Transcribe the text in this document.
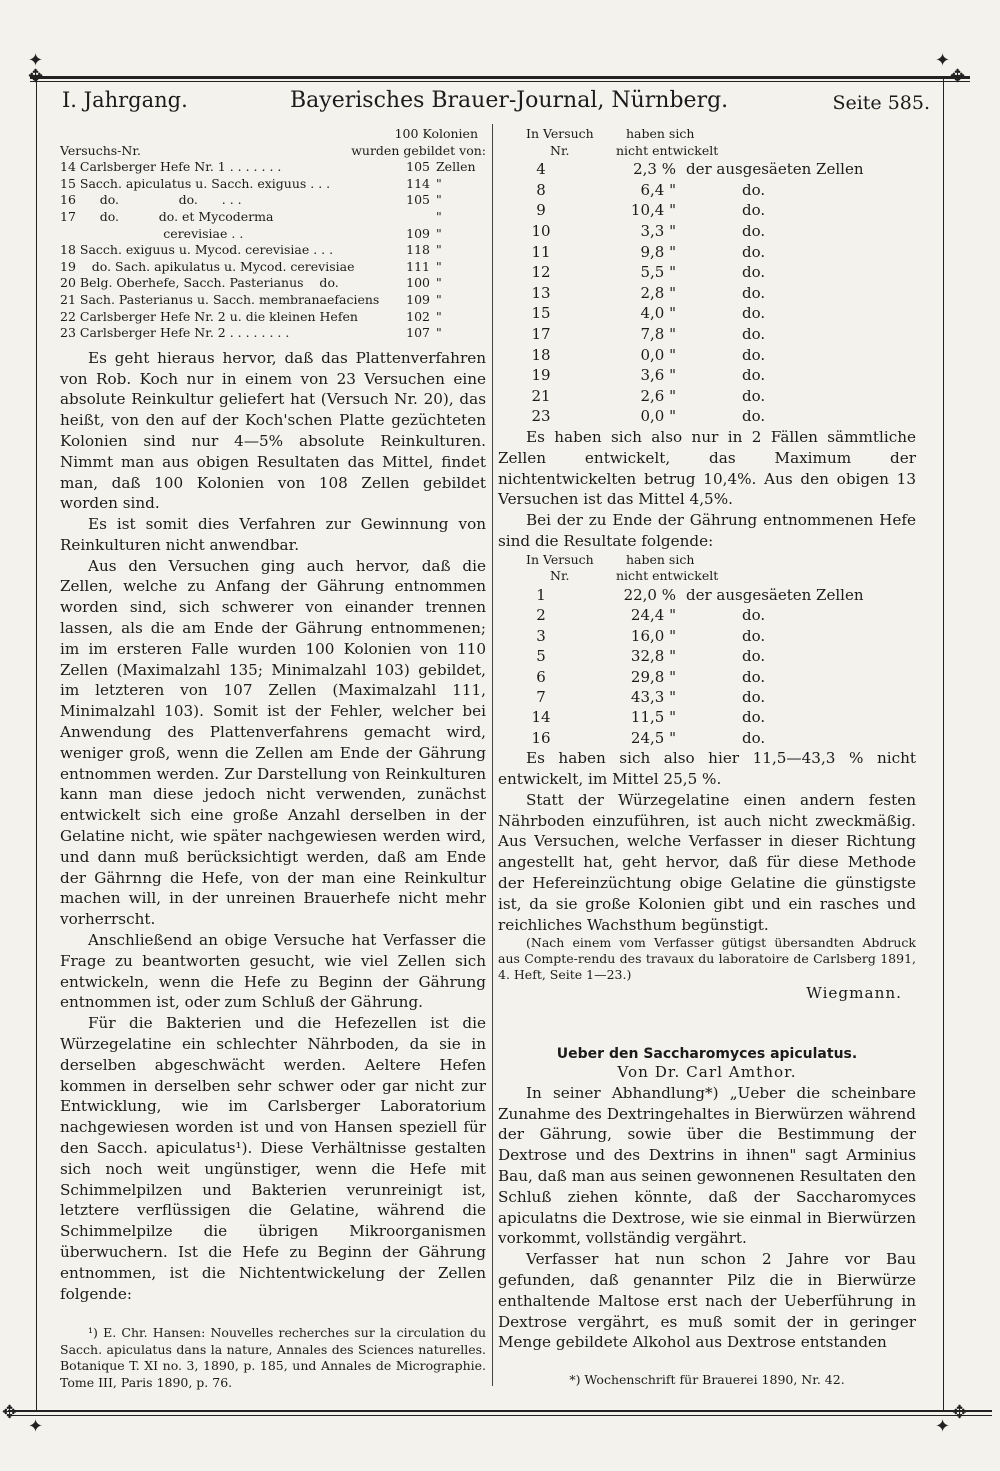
✦
✥
✦
✥
✥
✦
✥
✦
I. Jahrgang.	Bayerisches Brauer-Journal, Nürnberg.	Seite 585.
Versuchs-Nr.	
100 Kolonien
wurden gebildet von:
14 Carlsberger Hefe Nr. 1 . . . . . . .	105	Zellen
15 Sacch. apiculatus u. Sacch. exiguus . . .	114	"
16      do.               do.      . . .	105	"
17      do.          do. et Mycoderma		"
cerevisiae . .	109	"
18 Sacch. exiguus u. Mycod. cerevisiae . . .	118	"
19    do. Sach. apikulatus u. Mycod. cerevisiae	111	"
20 Belg. Oberhefe, Sacch. Pasterianus    do.	100	"
21 Sach. Pasterianus u. Sacch. membranaefaciens	109	"
22 Carlsberger Hefe Nr. 2 u. die kleinen Hefen	102	"
23 Carlsberger Hefe Nr. 2 . . . . . . . .	107	"

Es geht hieraus hervor, daß das Plattenverfahren von Rob. Koch nur in einem von 23 Versuchen eine absolute Reinkultur geliefert hat (Versuch Nr. 20), das heißt, von den auf der Koch'schen Platte gezüchteten Kolonien sind nur 4—5% absolute Reinkulturen. Nimmt man aus obigen Resultaten das Mittel, findet man, daß 100 Kolonien von 108 Zellen gebildet worden sind.

Es ist somit dies Verfahren zur Gewinnung von Reinkulturen nicht anwendbar.

Aus den Versuchen ging auch hervor, daß die Zellen, welche zu Anfang der Gährung entnommen worden sind, sich schwerer von einander trennen lassen, als die am Ende der Gährung entnommenen; im im ersteren Falle wurden 100 Kolonien von 110 Zellen (Maximalzahl 135; Minimalzahl 103) gebildet, im letzteren von 107 Zellen (Maximalzahl 111, Minimalzahl 103). Somit ist der Fehler, welcher bei Anwendung des Plattenverfahrens gemacht wird, weniger groß, wenn die Zellen am Ende der Gährung entnommen werden. Zur Darstellung von Reinkulturen kann man diese jedoch nicht verwenden, zunächst entwickelt sich eine große Anzahl derselben in der Gelatine nicht, wie später nachgewiesen werden wird, und dann muß berücksichtigt werden, daß am Ende der Gährnng die Hefe, von der man eine Reinkultur machen will, in der unreinen Brauerhefe nicht mehr vorherrscht.

Anschließend an obige Versuche hat Verfasser die Frage zu beantworten gesucht, wie viel Zellen sich entwickeln, wenn die Hefe zu Beginn der Gährung entnommen ist, oder zum Schluß der Gährung.

Für die Bakterien und die Hefezellen ist die Würzegelatine ein schlechter Nährboden, da sie in derselben abgeschwächt werden. Aeltere Hefen kommen in derselben sehr schwer oder gar nicht zur Entwicklung, wie im Carlsberger Laboratorium nachgewiesen worden ist und von Hansen speziell für den Sacch. apiculatus¹). Diese Verhältnisse gestalten sich noch weit ungünstiger, wenn die Hefe mit Schimmelpilzen und Bakterien verunreinigt ist, letztere verflüssigen die Gelatine, während die Schimmelpilze die übrigen Mikroorganismen überwuchern. Ist die Hefe zu Beginn der Gährung entnommen, ist die Nichtentwickelung der Zellen folgende:

¹) E. Chr. Hansen: Nouvelles recherches sur la circulation du Sacch. apiculatus dans la nature, Annales des Sciences naturelles. Botanique T. XI no. 3, 1890, p. 185, und Annales de Micrographie. Tome III, Paris 1890, p. 76.

In Versuch	haben sich
Nr.	nicht entwickelt
4	2,3 %	der ausgesäeten Zellen
8	6,4 "	do.
9	10,4 "	do.
10	3,3 "	do.
11	9,8 "	do.
12	5,5 "	do.
13	2,8 "	do.
15	4,0 "	do.
17	7,8 "	do.
18	0,0 "	do.
19	3,6 "	do.
21	2,6 "	do.
23	0,0 "	do.

Es haben sich also nur in 2 Fällen sämmtliche Zellen entwickelt, das Maximum der nichtentwickelten betrug 10,4%. Aus den obigen 13 Versuchen ist das Mittel 4,5%.

Bei der zu Ende der Gährung entnommenen Hefe sind die Resultate folgende:

In Versuch	haben sich
Nr.	nicht entwickelt
1	22,0 %	der ausgesäeten Zellen
2	24,4 "	do.
3	16,0 "	do.
5	32,8 "	do.
6	29,8 "	do.
7	43,3 "	do.
14	11,5 "	do.
16	24,5 "	do.

Es haben sich also hier 11,5—43,3 % nicht entwickelt, im Mittel 25,5 %.

Statt der Würzegelatine einen andern festen Nährboden einzuführen, ist auch nicht zweckmäßig. Aus Versuchen, welche Verfasser in dieser Richtung angestellt hat, geht hervor, daß für diese Methode der Hefereinzüchtung obige Gelatine die günstigste ist, da sie große Kolonien gibt und ein rasches und reichliches Wachsthum begünstigt.

(Nach einem vom Verfasser gütigst übersandten Abdruck aus Compte-rendu des travaux du laboratoire de Carlsberg 1891, 4. Heft, Seite 1—23.)

Wiegmann.

Ueber den Saccharomyces apiculatus.

Von Dr. Carl Amthor.

In seiner Abhandlung*) „Ueber die scheinbare Zunahme des Dextringehaltes in Bierwürzen während der Gährung, sowie über die Bestimmung der Dextrose und des Dextrins in ihnen" sagt Arminius Bau, daß man aus seinen gewonnenen Resultaten den Schluß ziehen könnte, daß der Saccharomyces apiculatns die Dextrose, wie sie einmal in Bierwürzen vorkommt, vollständig vergährt.

Verfasser hat nun schon 2 Jahre vor Bau gefunden, daß genannter Pilz die in Bierwürze enthaltende Maltose erst nach der Ueberführung in Dextrose vergährt, es muß somit der in geringer Menge gebildete Alkohol aus Dextrose entstanden

*) Wochenschrift für Brauerei 1890, Nr. 42.
